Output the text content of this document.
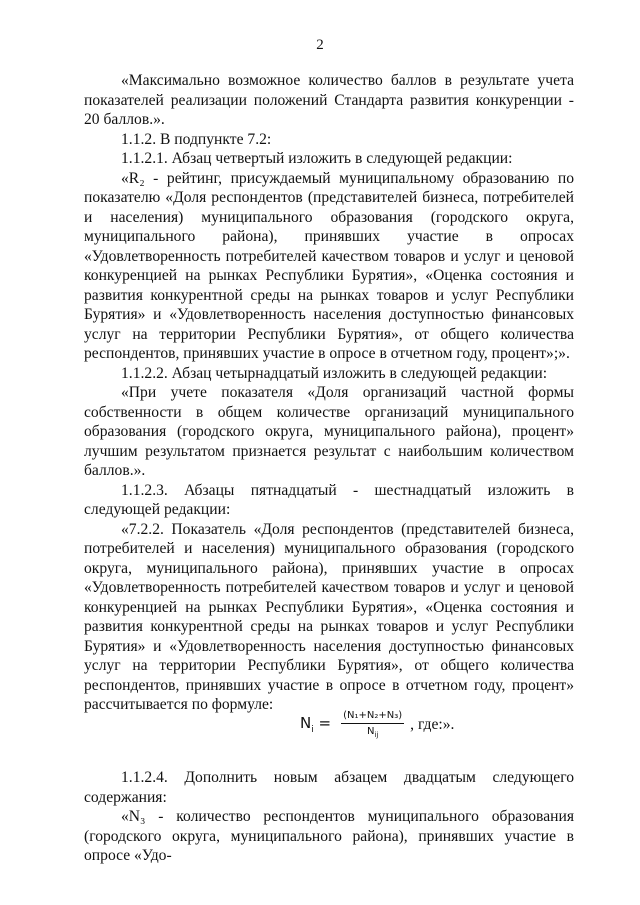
2

«Максимально возможное количество баллов в результате учета показателей реализации положений Стандарта развития конкуренции - 20 баллов.».

1.1.2. В подпункте 7.2:

1.1.2.1. Абзац четвертый изложить в следующей редакции:

«R₂ - рейтинг, присуждаемый муниципальному образованию по показателю «Доля респондентов (представителей бизнеса, потребителей и населения) муниципального образования (городского округа, муниципального района), принявших участие в опросах «Удовлетворенность потребителей качеством товаров и услуг и ценовой конкуренцией на рынках Республики Бурятия», «Оценка состояния и развития конкурентной среды на рынках товаров и услуг Республики Бурятия» и «Удовлетворенность населения доступностью финансовых услуг на территории Республики Бурятия», от общего количества респондентов, принявших участие в опросе в отчетном году, процент»;».

1.1.2.2. Абзац четырнадцатый изложить в следующей редакции:

«При учете показателя «Доля организаций частной формы собственности в общем количестве организаций муниципального образования (городского округа, муниципального района), процент» лучшим результатом признается результат с наибольшим количеством баллов.».

1.1.2.3. Абзацы пятнадцатый - шестнадцатый изложить в следующей редакции:

«7.2.2. Показатель «Доля респондентов (представителей бизнеса, потребителей и населения) муниципального образования (городского округа, муниципального района), принявших участие в опросах «Удовлетворенность потребителей качеством товаров и услуг и ценовой конкуренцией на рынках Республики Бурятия», «Оценка состояния и развития конкурентной среды на рынках товаров и услуг Республики Бурятия» и «Удовлетворенность населения доступностью финансовых услуг на территории Республики Бурятия», от общего количества респондентов, принявших участие в опросе в отчетном году, процент» рассчитывается по формуле:

$N_i = \frac{\text{(N₁+N₂+N₃)}}{N_{ij}}$ , где:».

1.1.2.4. Дополнить новым абзацем двадцатым следующего содержания:

«N₃ - количество респондентов муниципального образования (городского округа, муниципального района), принявших участие в опросе «Удо-
